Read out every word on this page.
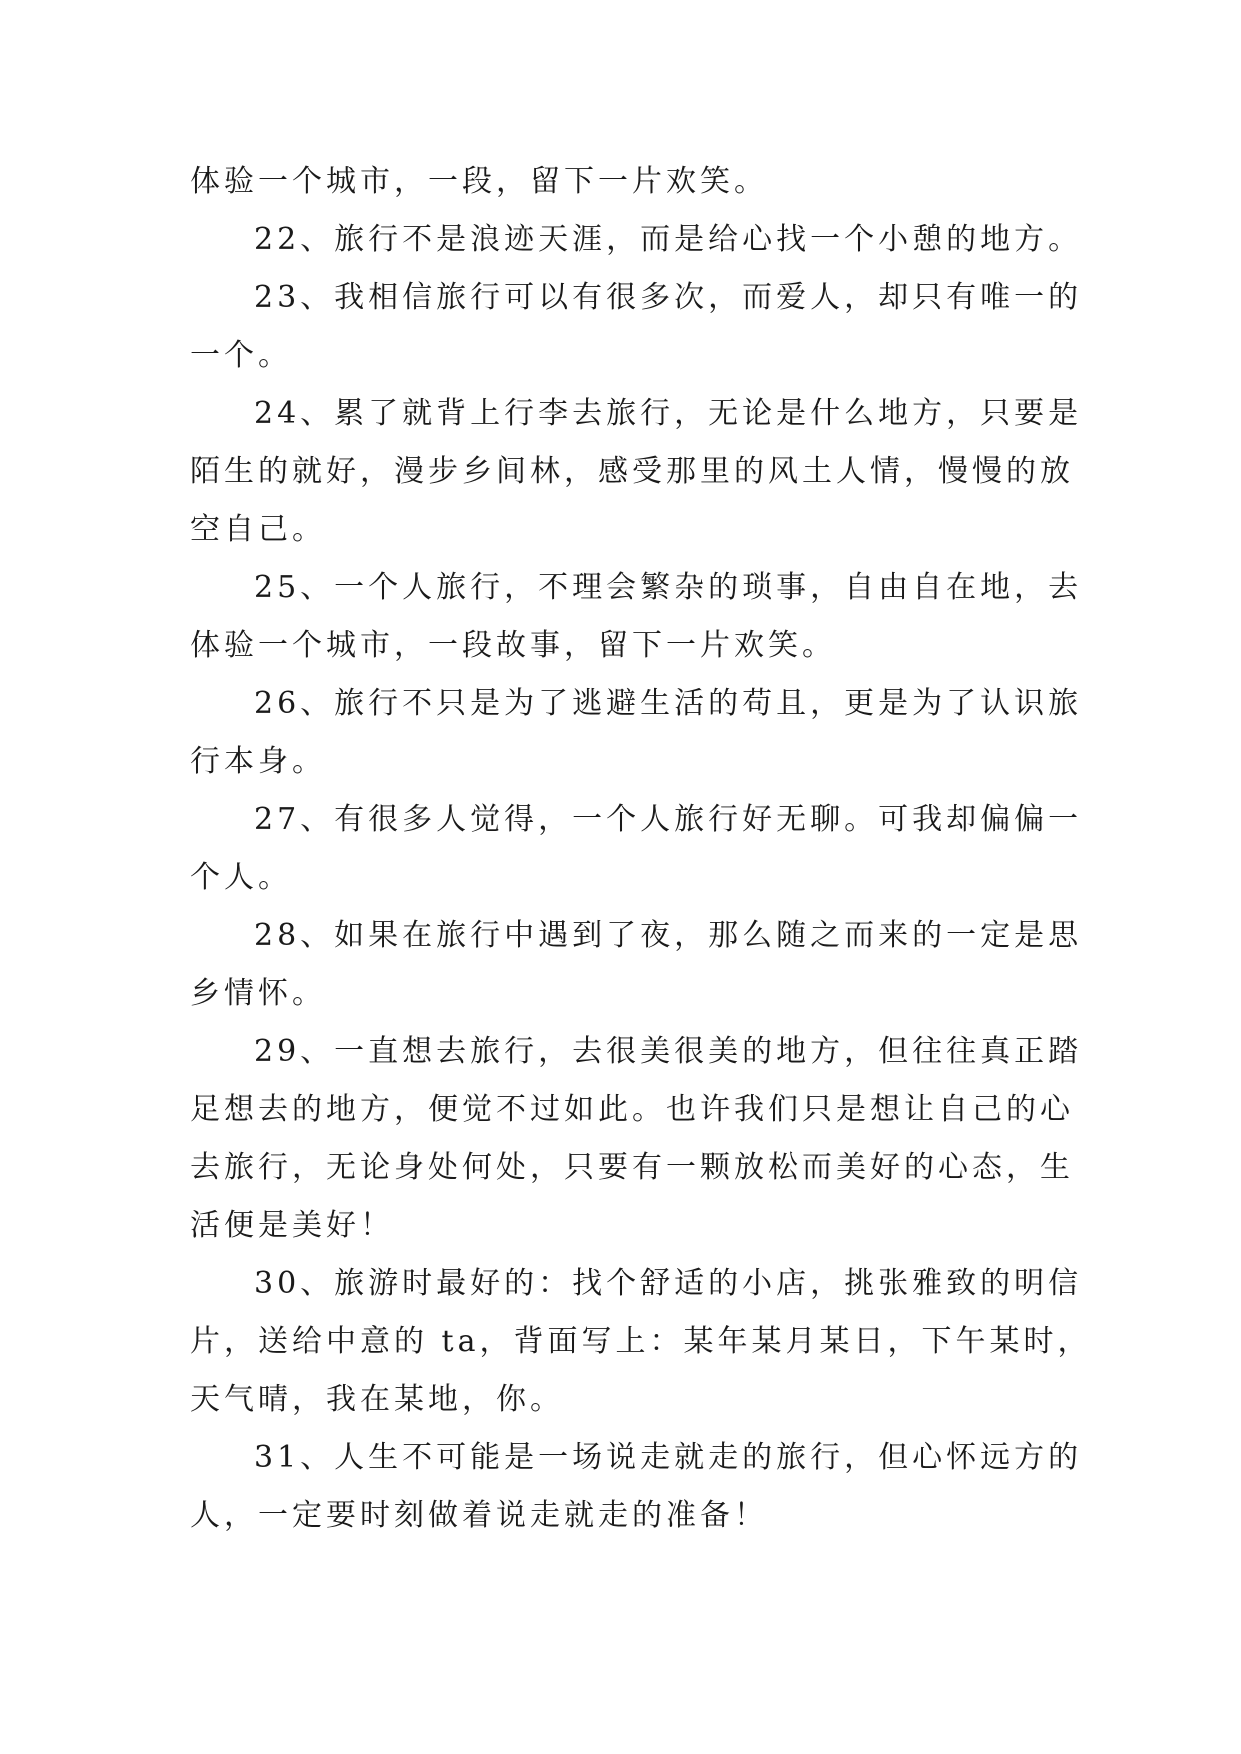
体验一个城市，一段，留下一片欢笑。
22、旅行不是浪迹天涯，而是给心找一个小憩的地方。
23、我相信旅行可以有很多次，而爱人，却只有唯一的
一个。
24、累了就背上行李去旅行，无论是什么地方，只要是
陌生的就好，漫步乡间林，感受那里的风土人情，慢慢的放
空自己。
25、一个人旅行，不理会繁杂的琐事，自由自在地，去
体验一个城市，一段故事，留下一片欢笑。
26、旅行不只是为了逃避生活的苟且，更是为了认识旅
行本身。
27、有很多人觉得，一个人旅行好无聊。可我却偏偏一
个人。
28、如果在旅行中遇到了夜，那么随之而来的一定是思
乡情怀。
29、一直想去旅行，去很美很美的地方，但往往真正踏
足想去的地方，便觉不过如此。也许我们只是想让自己的心
去旅行，无论身处何处，只要有一颗放松而美好的心态，生
活便是美好！
30、旅游时最好的：找个舒适的小店，挑张雅致的明信
片，送给中意的 ta，背面写上：某年某月某日，下午某时，
天气晴，我在某地，你。
31、人生不可能是一场说走就走的旅行，但心怀远方的
人，一定要时刻做着说走就走的准备！
